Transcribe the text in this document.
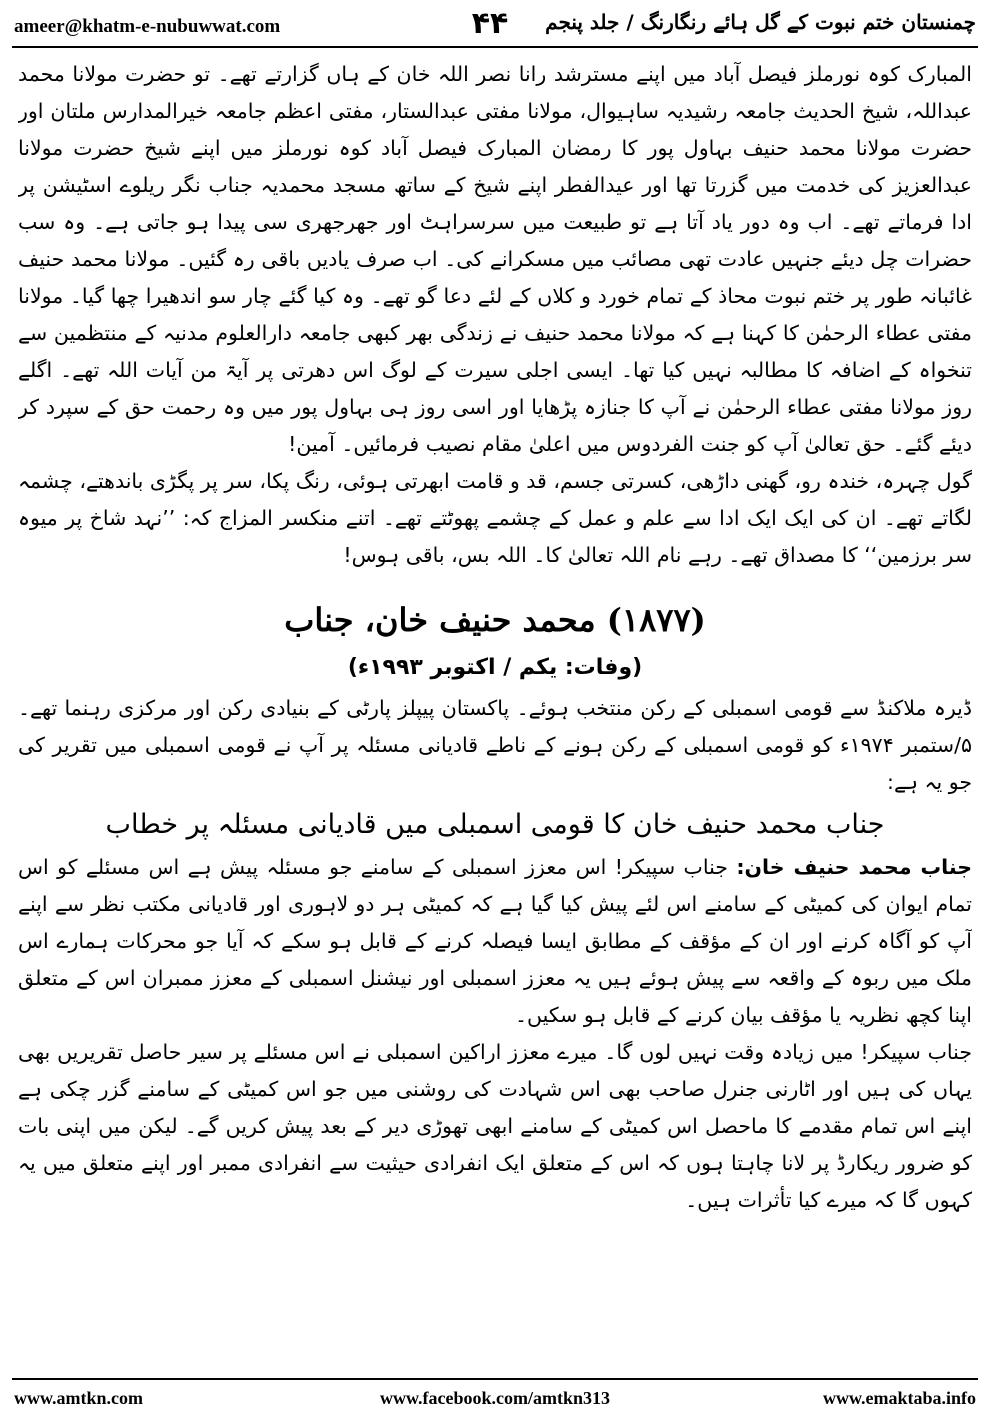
ameer@khatm-e-nubuwwat.com	۴۴	چمنستان ختم نبوت کے گل ہائے رنگارنگ / جلد پنجم

المبارک کوہ نورملز فیصل آباد میں اپنے مسترشد رانا نصر اللہ خان کے ہاں گزارتے تھے۔ تو حضرت مولانا محمد عبداللہ، شیخ الحدیث جامعہ رشیدیہ ساہیوال، مولانا مفتی عبدالستار، مفتی اعظم جامعہ خیرالمدارس ملتان اور حضرت مولانا محمد حنیف بہاول پور کا رمضان المبارک فیصل آباد کوہ نورملز میں اپنے شیخ حضرت مولانا عبدالعزیز کی خدمت میں گزرتا تھا اور عیدالفطر اپنے شیخ کے ساتھ مسجد محمدیہ جناب نگر ریلوے اسٹیشن پر ادا فرماتے تھے۔ اب وہ دور یاد آتا ہے تو طبیعت میں سرسراہٹ اور جھرجھری سی پیدا ہو جاتی ہے۔ وہ سب حضرات چل دیئے جنہیں عادت تھی مصائب میں مسکرانے کی۔ اب صرف یادیں باقی رہ گئیں۔ مولانا محمد حنیف غائبانہ طور پر ختم نبوت محاذ کے تمام خورد و کلاں کے لئے دعا گو تھے۔ وہ کیا گئے چار سو اندھیرا چھا گیا۔ مولانا مفتی عطاء الرحمٰن کا کہنا ہے کہ مولانا محمد حنیف نے زندگی بھر کبھی جامعہ دارالعلوم مدنیہ کے منتظمین سے تنخواہ کے اضافہ کا مطالبہ نہیں کیا تھا۔ ایسی اجلی سیرت کے لوگ اس دھرتی پر آیۃ من آیات اللہ تھے۔ اگلے روز مولانا مفتی عطاء الرحمٰن نے آپ کا جنازہ پڑھایا اور اسی روز ہی بہاول پور میں وہ رحمت حق کے سپرد کر دیئے گئے۔ حق تعالیٰ آپ کو جنت الفردوس میں اعلیٰ مقام نصیب فرمائیں۔ آمین!

گول چہرہ، خندہ رو، گھنی داڑھی، کسرتی جسم، قد و قامت ابھرتی ہوئی، رنگ پکا، سر پر پگڑی باندھتے، چشمہ لگاتے تھے۔ ان کی ایک ایک ادا سے علم و عمل کے چشمے پھوٹتے تھے۔ اتنے منکسر المزاج کہ: ’’نہد شاخ پر میوہ سر برزمین‘‘ کا مصداق تھے۔ رہے نام اللہ تعالیٰ کا۔ اللہ بس، باقی ہوس!

(۱۸۷۷) محمد حنیف خان، جناب

(وفات: یکم / اکتوبر ۱۹۹۳ء)

ڈیرہ ملاکنڈ سے قومی اسمبلی کے رکن منتخب ہوئے۔ پاکستان پیپلز پارٹی کے بنیادی رکن اور مرکزی رہنما تھے۔ ۵/ستمبر ۱۹۷۴ء کو قومی اسمبلی کے رکن ہونے کے ناطے قادیانی مسئلہ پر آپ نے قومی اسمبلی میں تقریر کی جو یہ ہے:

جناب محمد حنیف خان کا قومی اسمبلی میں قادیانی مسئلہ پر خطاب

جناب محمد حنیف خان: جناب سپیکر! اس معزز اسمبلی کے سامنے جو مسئلہ پیش ہے اس مسئلے کو اس تمام ایوان کی کمیٹی کے سامنے اس لئے پیش کیا گیا ہے کہ کمیٹی ہر دو لاہوری اور قادیانی مکتب نظر سے اپنے آپ کو آگاہ کرنے اور ان کے مؤقف کے مطابق ایسا فیصلہ کرنے کے قابل ہو سکے کہ آیا جو محرکات ہمارے اس ملک میں ربوہ کے واقعہ سے پیش ہوئے ہیں یہ معزز اسمبلی اور نیشنل اسمبلی کے معزز ممبران اس کے متعلق اپنا کچھ نظریہ یا مؤقف بیان کرنے کے قابل ہو سکیں۔

جناب سپیکر! میں زیادہ وقت نہیں لوں گا۔ میرے معزز اراکین اسمبلی نے اس مسئلے پر سیر حاصل تقریریں بھی یہاں کی ہیں اور اٹارنی جنرل صاحب بھی اس شہادت کی روشنی میں جو اس کمیٹی کے سامنے گزر چکی ہے اپنے اس تمام مقدمے کا ماحصل اس کمیٹی کے سامنے ابھی تھوڑی دیر کے بعد پیش کریں گے۔ لیکن میں اپنی بات کو ضرور ریکارڈ پر لانا چاہتا ہوں کہ اس کے متعلق ایک انفرادی حیثیت سے انفرادی ممبر اور اپنے متعلق میں یہ کہوں گا کہ میرے کیا تأثرات ہیں۔

www.amtkn.com	www.facebook.com/amtkn313	www.emaktaba.info
